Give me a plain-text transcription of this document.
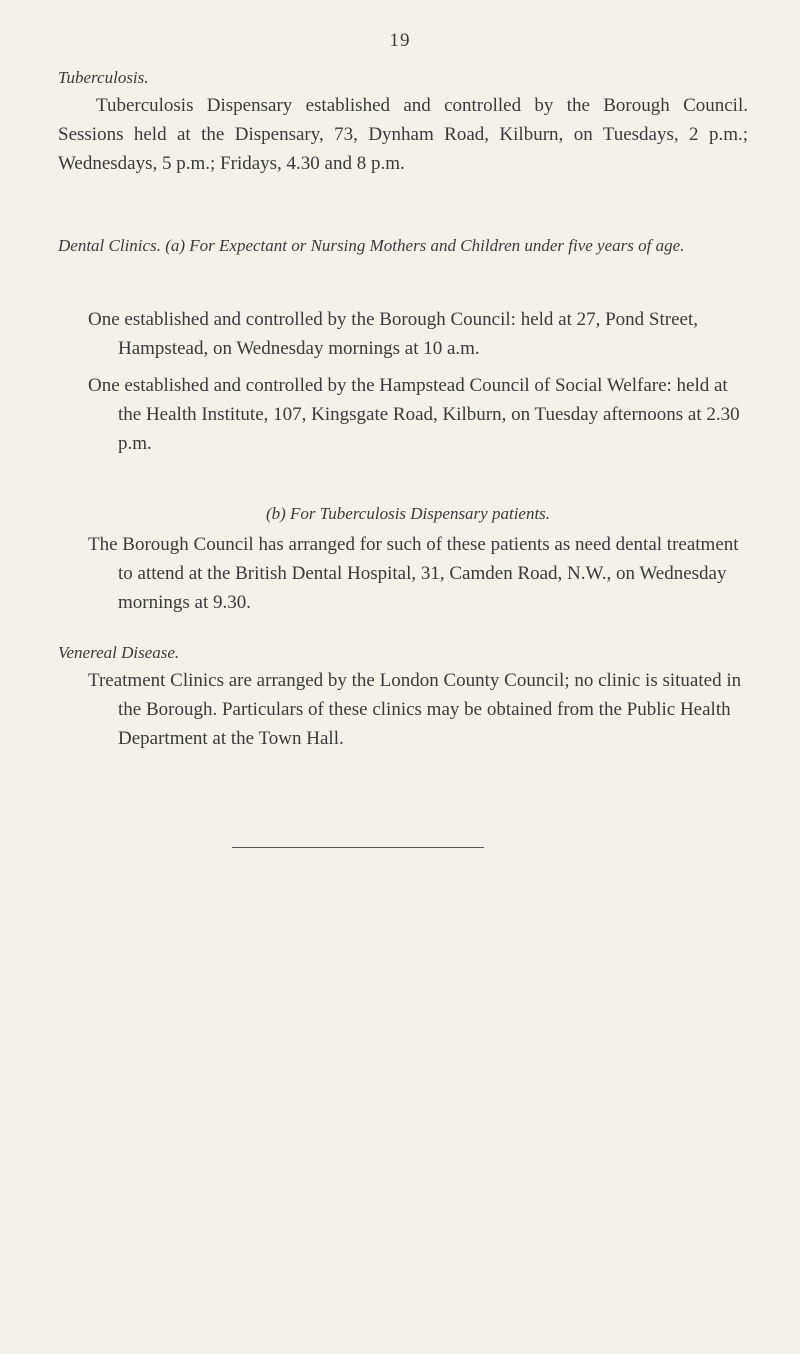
19

Tuberculosis.

Tuberculosis Dispensary established and controlled by the Borough Council. Sessions held at the Dispensary, 73, Dynham Road, Kilburn, on Tuesdays, 2 p.m.; Wednesdays, 5 p.m.; Fridays, 4.30 and 8 p.m.

Dental Clinics. (a) For Expectant or Nursing Mothers and Children under five years of age.

One established and controlled by the Borough Council: held at 27, Pond Street, Hampstead, on Wednesday mornings at 10 a.m.

One established and controlled by the Hampstead Council of Social Welfare: held at the Health Institute, 107, Kingsgate Road, Kilburn, on Tuesday afternoons at 2.30 p.m.

(b) For Tuberculosis Dispensary patients.

The Borough Council has arranged for such of these patients as need dental treatment to attend at the British Dental Hospital, 31, Camden Road, N.W., on Wednesday mornings at 9.30.

Venereal Disease.

Treatment Clinics are arranged by the London County Council; no clinic is situated in the Borough. Particulars of these clinics may be obtained from the Public Health Department at the Town Hall.
